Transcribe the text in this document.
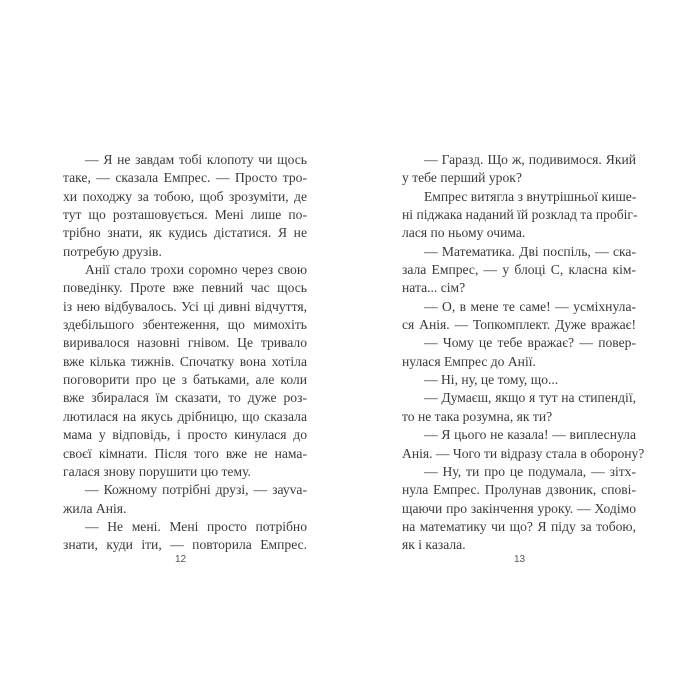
— Я не завдам тобі клопоту чи щось
таке, — сказала Емпрес. — Просто тро-
хи походжу за тобою, щоб зрозуміти, де
тут що розташовується. Мені лише по-
трібно знати, як кудись дістатися. Я не
потребую друзів.
Анії стало трохи соромно через свою
поведінку. Проте вже певний час щось
із нею відбувалось. Усі ці дивні відчуття,
здебільшого збентеження, що мимохіть
виривалося назовні гнівом. Це тривало
вже кілька тижнів. Спочатку вона хотіла
поговорити про це з батьками, але коли
вже збиралася їм сказати, то дуже роз-
лютилася на якусь дрібницю, що сказала
мама у відповідь, і просто кинулася до
своєї кімнати. Після того вже не нама-
галася знову порушити цю тему.
— Кожному потрібні друзі, — зауva-
жила Анія.
— Не мені. Мені просто потрібно
знати, куди іти, — повторила Емпрес.
12
— Гаразд. Що ж, подивимося. Який
у тебе перший урок?
Емпрес витягла з внутрішньої кише-
ні піджака наданий їй розклад та пробіг-
лася по ньому очима.
— Математика. Дві поспіль, — ска-
зала Емпрес, — у блоці С, класна кім-
ната... сім?
— О, в мене те саме! — усміхнула-
ся Анія. — Топкомплект. Дуже вражає!
— Чому це тебе вражає? — повер-
нулася Емпрес до Анії.
— Ні, ну, це тому, що...
— Думаєш, якщо я тут на стипендії,
то не така розумна, як ти?
— Я цього не казала! — виплеснула
Анія. — Чого ти відразу стала в оборону?
— Ну, ти про це подумала, — зітх-
нула Емпрес. Пролунав дзвоник, сповi-
щаючи про закінчення уроку. — Ходімо
на математику чи що? Я піду за тобою,
як і казала.
13
